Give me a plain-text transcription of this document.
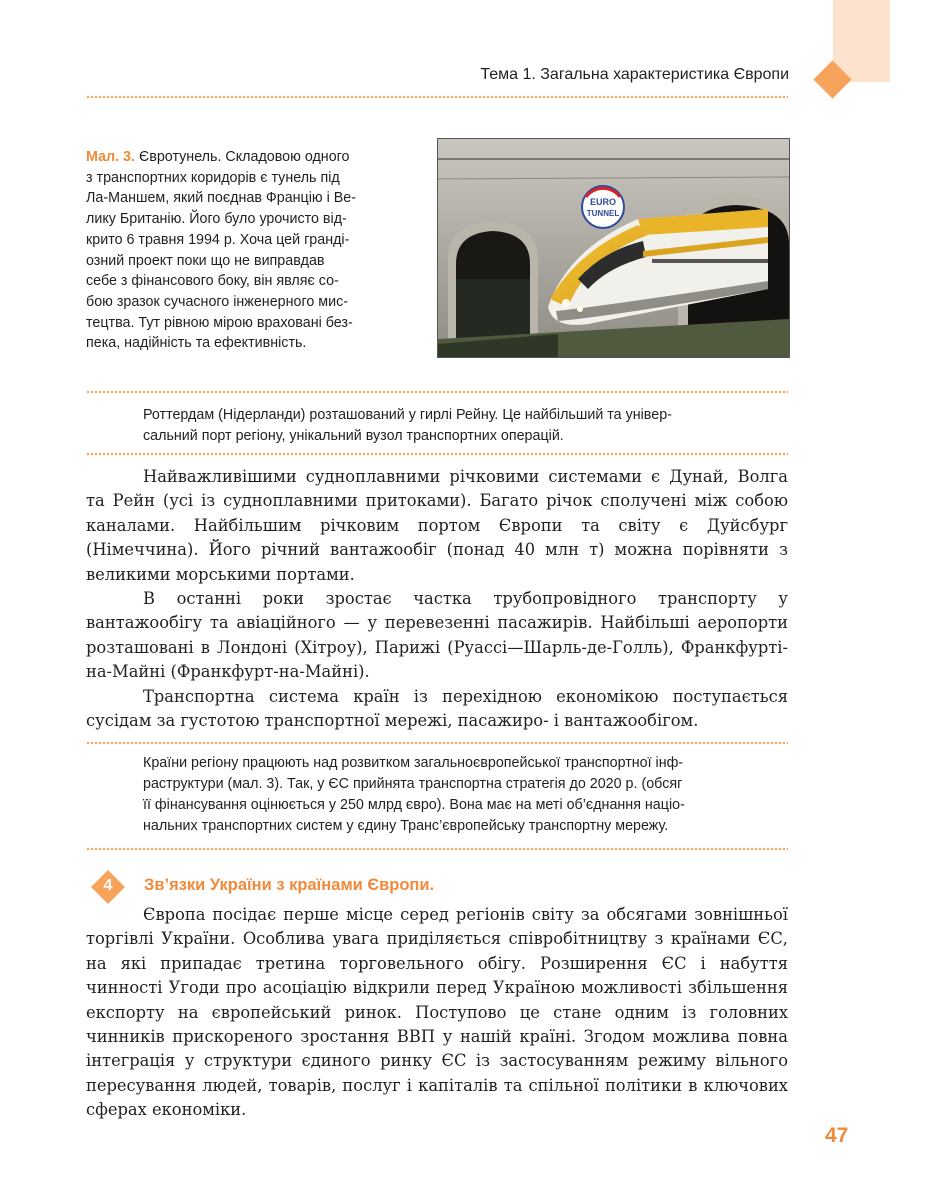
Тема 1. Загальна характеристика Європи
Мал. 3. Євротунель. Складовою одного
з транспортних коридорів є тунель під
Ла-Маншем, який поєднав Францію і Ве-
лику Британію. Його було урочисто від-
крито 6 травня 1994 р. Хоча цей гранді-
озний проект поки що не виправдав
себе з фінансового боку, він являє со-
бою зразок сучасного інженерного мис-
тецтва. Тут рівною мірою враховані без-
пека, надійність та ефективність.
EURO
TUNNEL
Роттердам (Нідерланди) розташований у гирлі Рейну. Це найбільший та універ-
сальний порт регіону, унікальний вузол транспортних операцій.

Найважливішими судноплавними річковими системами є Дунай, Волга та Рейн (усі із судноплавними притоками). Багато річок сполучені між собою каналами. Найбільшим річковим портом Європи та світу є Дуйсбург (Німеччина). Його річний вантажообіг (понад 40 млн т) можна порівняти з великими морськими портами.

В останні роки зростає частка трубопровідного транспорту у вантажообігу та авіаційного — у перевезенні пасажирів. Найбільші аеропорти розташовані в Лондоні (Хітроу), Парижі (Руассі—Шарль-де-Голль), Франкфурті-на-Майні (Франкфурт-на-Майні).

Транспортна система країн із перехідною економікою поступається сусідам за густотою транспортної мережі, пасажиро- і вантажообігом.

Країни регіону працюють над розвитком загальноєвропейської транспортної інф-
раструктури (мал. 3). Так, у ЄС прийнята транспортна стратегія до 2020 р. (обсяг
її фінансування оцінюється у 250 млрд євро). Вона має на меті об’єднання націо-
нальних транспортних систем у єдину Транс’європейську транспортну мережу.
4	Зв’язки України з країнами Європи.

Європа посідає перше місце серед регіонів світу за обсягами зовнішньої торгівлі України. Особлива увага приділяється співробітництву з країнами ЄС, на які припадає третина торговельного обігу. Розширення ЄС і набуття чинності Угоди про асоціацію відкрили перед Україною можливості збільшення експорту на європейський ринок. Поступово це стане одним із головних чинників прискореного зростання ВВП у нашій країні. Згодом можлива повна інтеграція у структури єдиного ринку ЄС із застосуванням режиму вільного пересування людей, товарів, послуг і капіталів та спільної політики в ключових сферах економіки.

47
